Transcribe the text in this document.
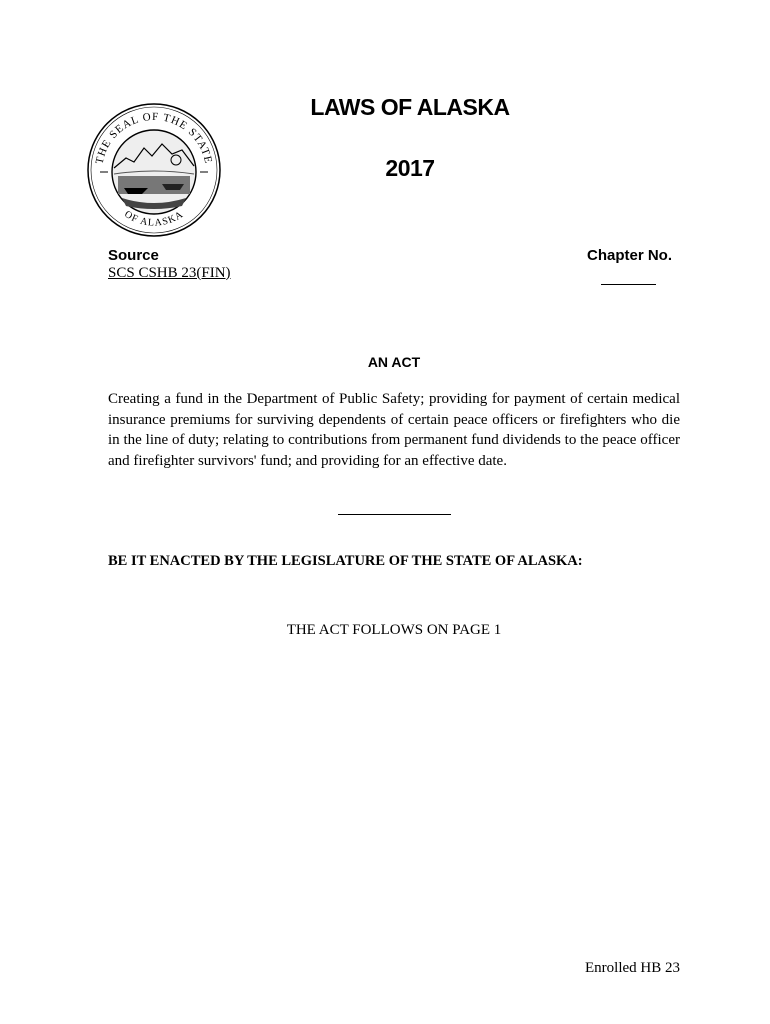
THE SEAL OF THE STATE
OF ALASKA
LAWS OF ALASKA
2017
Source
SCS CSHB 23(FIN)
Chapter No.
AN ACT

Creating a fund in the Department of Public Safety; providing for payment of certain medical insurance premiums for surviving dependents of certain peace officers or firefighters who die in the line of duty; relating to contributions from permanent fund dividends to the peace officer and firefighter survivors' fund; and providing for an effective date.

BE IT ENACTED BY THE LEGISLATURE OF THE STATE OF ALASKA:
THE ACT FOLLOWS ON PAGE 1
Enrolled HB 23
